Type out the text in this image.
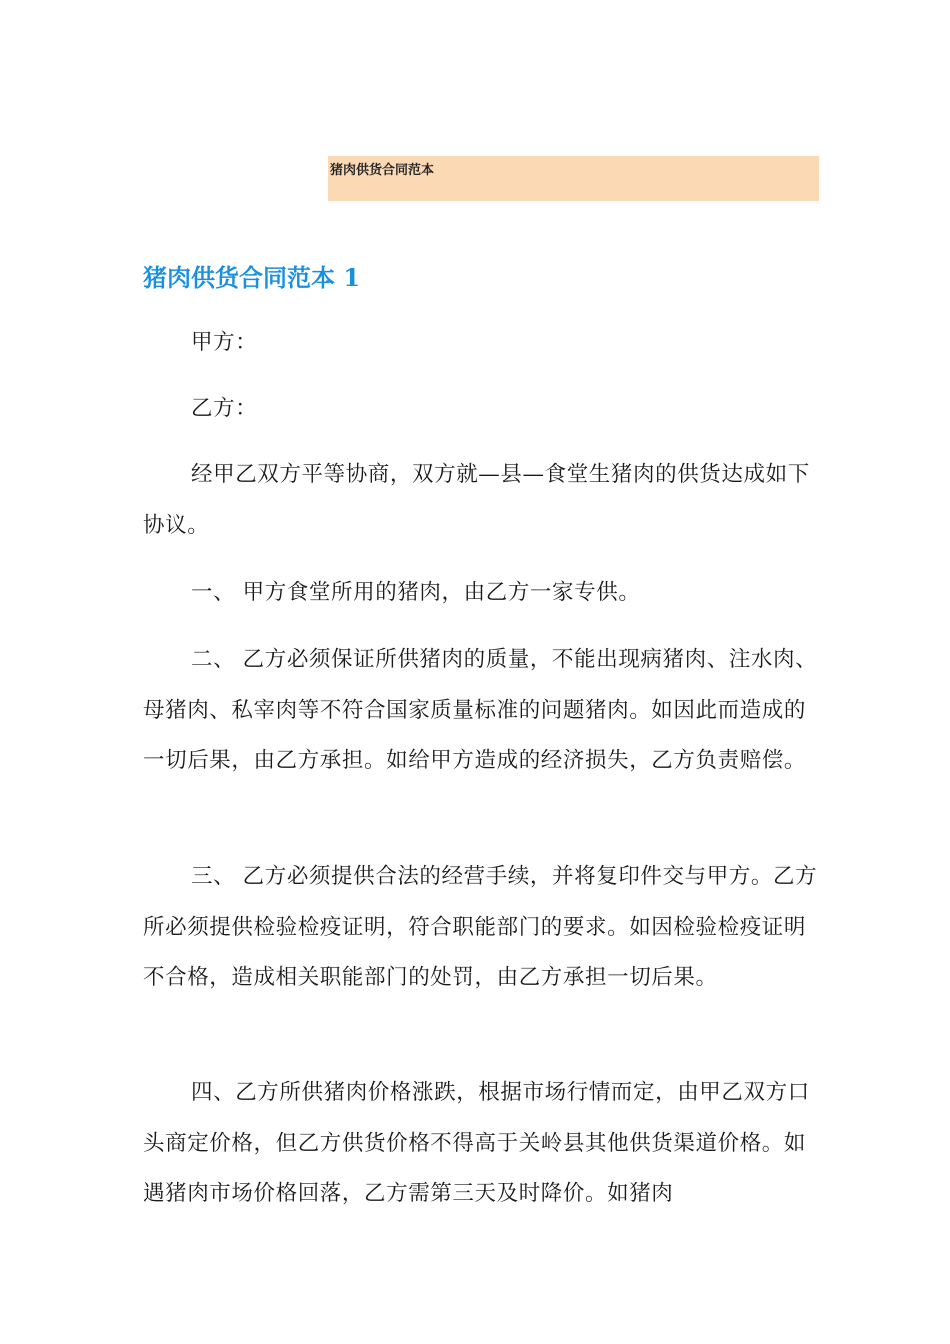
猪肉供货合同范本
猪肉供货合同范本 1

甲方：

乙方：

经甲乙双方平等协商，双方就—县—食堂生猪肉的供货达成如下协议。

一、 甲方食堂所用的猪肉，由乙方一家专供。

二、 乙方必须保证所供猪肉的质量，不能出现病猪肉、注水肉、母猪肉、私宰肉等不符合国家质量标准的问题猪肉。如因此而造成的一切后果，由乙方承担。如给甲方造成的经济损失，乙方负责赔偿。

三、 乙方必须提供合法的经营手续，并将复印件交与甲方。乙方所必须提供检验检疫证明，符合职能部门的要求。如因检验检疫证明不合格，造成相关职能部门的处罚，由乙方承担一切后果。

四、乙方所供猪肉价格涨跌，根据市场行情而定，由甲乙双方口头商定价格，但乙方供货价格不得高于关岭县其他供货渠道价格。如遇猪肉市场价格回落，乙方需第三天及时降价。如猪肉
